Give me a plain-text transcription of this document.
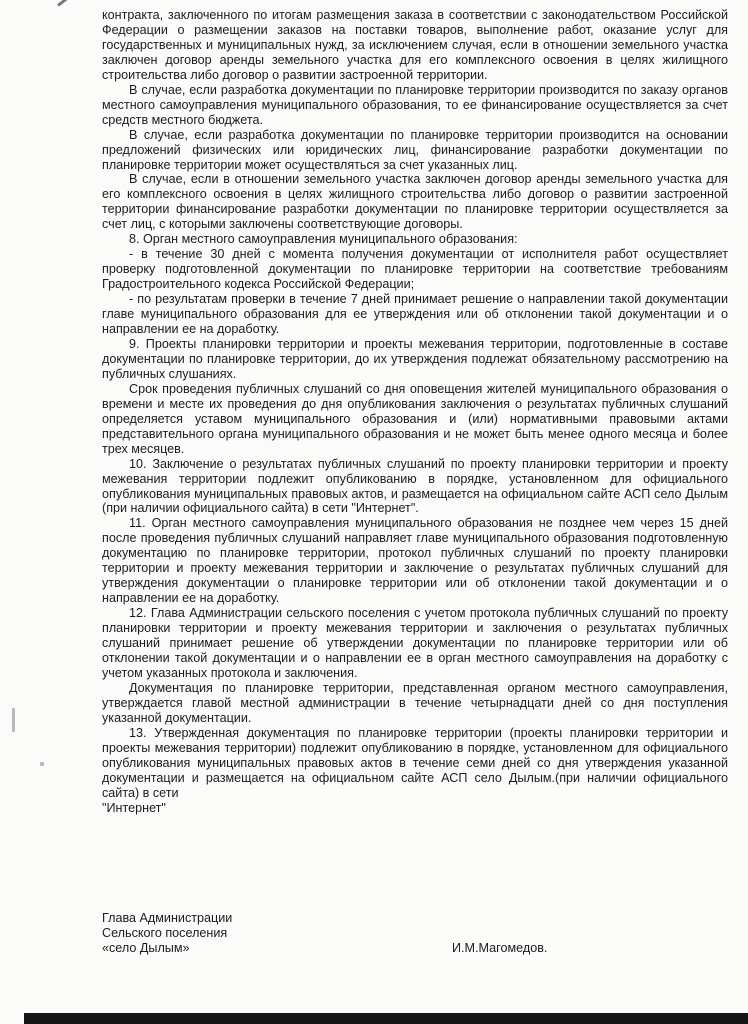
контракта, заключенного по итогам размещения заказа в соответствии с законодательством Российской Федерации о размещении заказов на поставки товаров, выполнение работ, оказание услуг для государственных и муниципальных нужд, за исключением случая, если в отношении земельного участка заключен договор аренды земельного участка для его комплексного освоения в целях жилищного строительства либо договор о развитии застроенной территории.

В случае, если разработка документации по планировке территории производится по заказу органов местного самоуправления муниципального образования, то ее финансирование осуществляется за счет средств местного бюджета.

В случае, если разработка документации по планировке территории производится на основании предложений физических или юридических лиц, финансирование разработки документации по планировке территории может осуществляться за счет указанных лиц.

В случае, если в отношении земельного участка заключен договор аренды земельного участка для его комплексного освоения в целях жилищного строительства либо договор о развитии застроенной территории финансирование разработки документации по планировке территории осуществляется за счет лиц, с которыми заключены соответствующие договоры.

8. Орган местного самоуправления муниципального образования:

- в течение 30 дней с момента получения документации от исполнителя работ осуществляет проверку подготовленной документации по планировке территории на соответствие требованиям Градостроительного кодекса Российской Федерации;

- по результатам проверки в течение 7 дней принимает решение о направлении такой документации главе муниципального образования для ее утверждения или об отклонении такой документации и о направлении ее на доработку.

9. Проекты планировки территории и проекты межевания территории, подготовленные в составе документации по планировке территории, до их утверждения подлежат обязательному рассмотрению на публичных слушаниях.

Срок проведения публичных слушаний со дня оповещения жителей муниципального образования о времени и месте их проведения до дня опубликования заключения о результатах публичных слушаний определяется уставом муниципального образования и (или) нормативными правовыми актами представительного органа муниципального образования и не может быть менее одного месяца и более трех месяцев.

10. Заключение о результатах публичных слушаний по проекту планировки территории и проекту межевания территории подлежит опубликованию в порядке, установленном для официального опубликования муниципальных правовых актов, и размещается на официальном сайте АСП село Дылым (при наличии официального сайта) в сети "Интернет".

11. Орган местного самоуправления муниципального образования не позднее чем через 15 дней после проведения публичных слушаний направляет главе муниципального образования подготовленную документацию по планировке территории, протокол публичных слушаний по проекту планировки территории и проекту межевания территории и заключение о результатах публичных слушаний для утверждения документации о планировке территории или об отклонении такой документации и о направлении ее на доработку.

12. Глава Администрации сельского поселения с учетом протокола публичных слушаний по проекту планировки территории и проекту межевания территории и заключения о результатах публичных слушаний принимает решение об утверждении документации по планировке территории или об отклонении такой документации и о направлении ее в орган местного самоуправления на доработку с учетом указанных протокола и заключения.

Документация по планировке территории, представленная органом местного самоуправления, утверждается главой местной администрации в течение четырнадцати дней со дня поступления указанной документации.

13. Утвержденная документация по планировке территории (проекты планировки территории и проекты межевания территории) подлежит опубликованию в порядке, установленном для официального опубликования муниципальных правовых актов в течение семи дней со дня утверждения указанной документации и размещается на официальном сайте АСП село Дылым.(при наличии официального сайта) в сети

"Интернет"

Глава Администрации
Сельского поселения
«село Дылым»	И.М.Магомедов.
